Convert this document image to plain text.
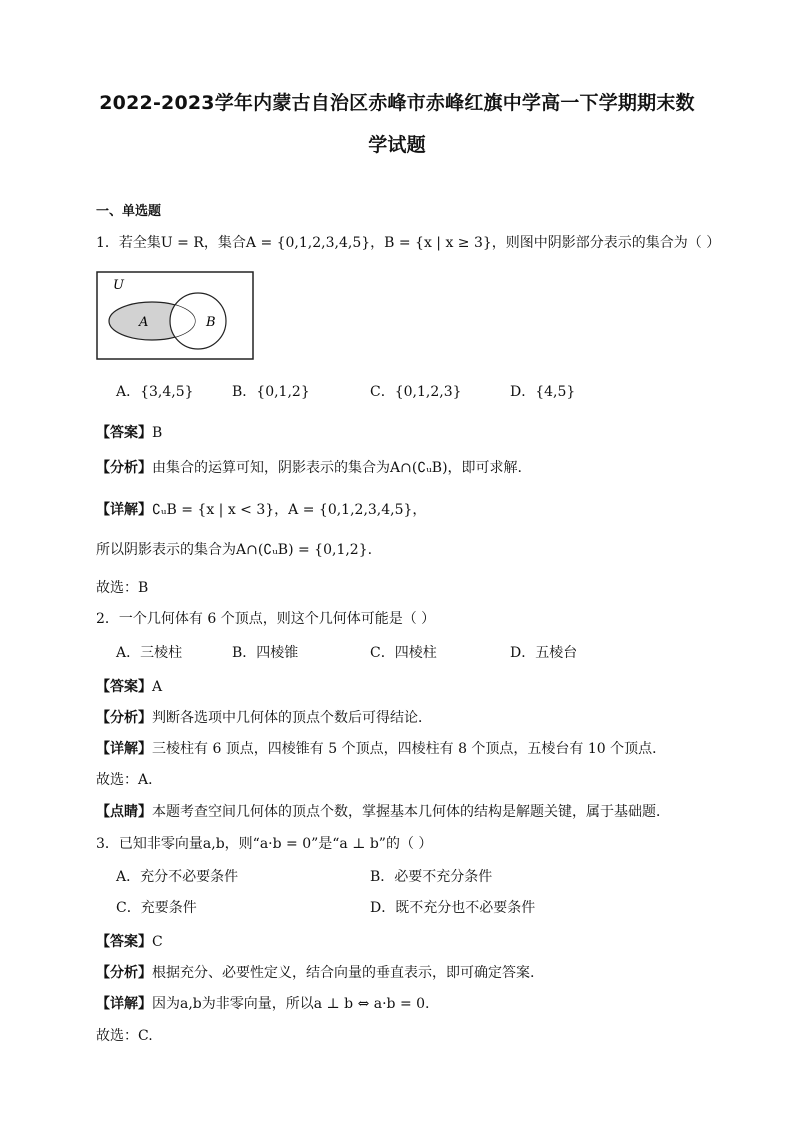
2022-2023学年内蒙古自治区赤峰市赤峰红旗中学高一下学期期末数
学试题
一、单选题
1．若全集U = R，集合A = {0,1,2,3,4,5}，B = {x | x ≥ 3}，则图中阴影部分表示的集合为（ ）
U
A	B
A．{3,4,5}	B．{0,1,2}	C．{0,1,2,3}	D．{4,5}
【答案】B
【分析】由集合的运算可知，阴影表示的集合为A∩(∁ᵤB)，即可求解.
【详解】∁ᵤB = {x | x < 3}，A = {0,1,2,3,4,5}，
所以阴影表示的集合为A∩(∁ᵤB) = {0,1,2}.
故选：B
2．一个几何体有 6 个顶点，则这个几何体可能是（ ）
A．三棱柱	B．四棱锥	C．四棱柱	D．五棱台
【答案】A
【分析】判断各选项中几何体的顶点个数后可得结论．
【详解】三棱柱有 6 顶点，四棱锥有 5 个顶点，四棱柱有 8 个顶点，五棱台有 10 个顶点．
故选：A．
【点睛】本题考查空间几何体的顶点个数，掌握基本几何体的结构是解题关键，属于基础题．
3．已知非零向量a,b，则“a·b = 0”是“a ⊥ b”的（ ）
A．充分不必要条件	B．必要不充分条件
C．充要条件	D．既不充分也不必要条件
【答案】C
【分析】根据充分、必要性定义，结合向量的垂直表示，即可确定答案.
【详解】因为a,b为非零向量，所以a ⊥ b ⇔ a·b = 0.
故选：C.
